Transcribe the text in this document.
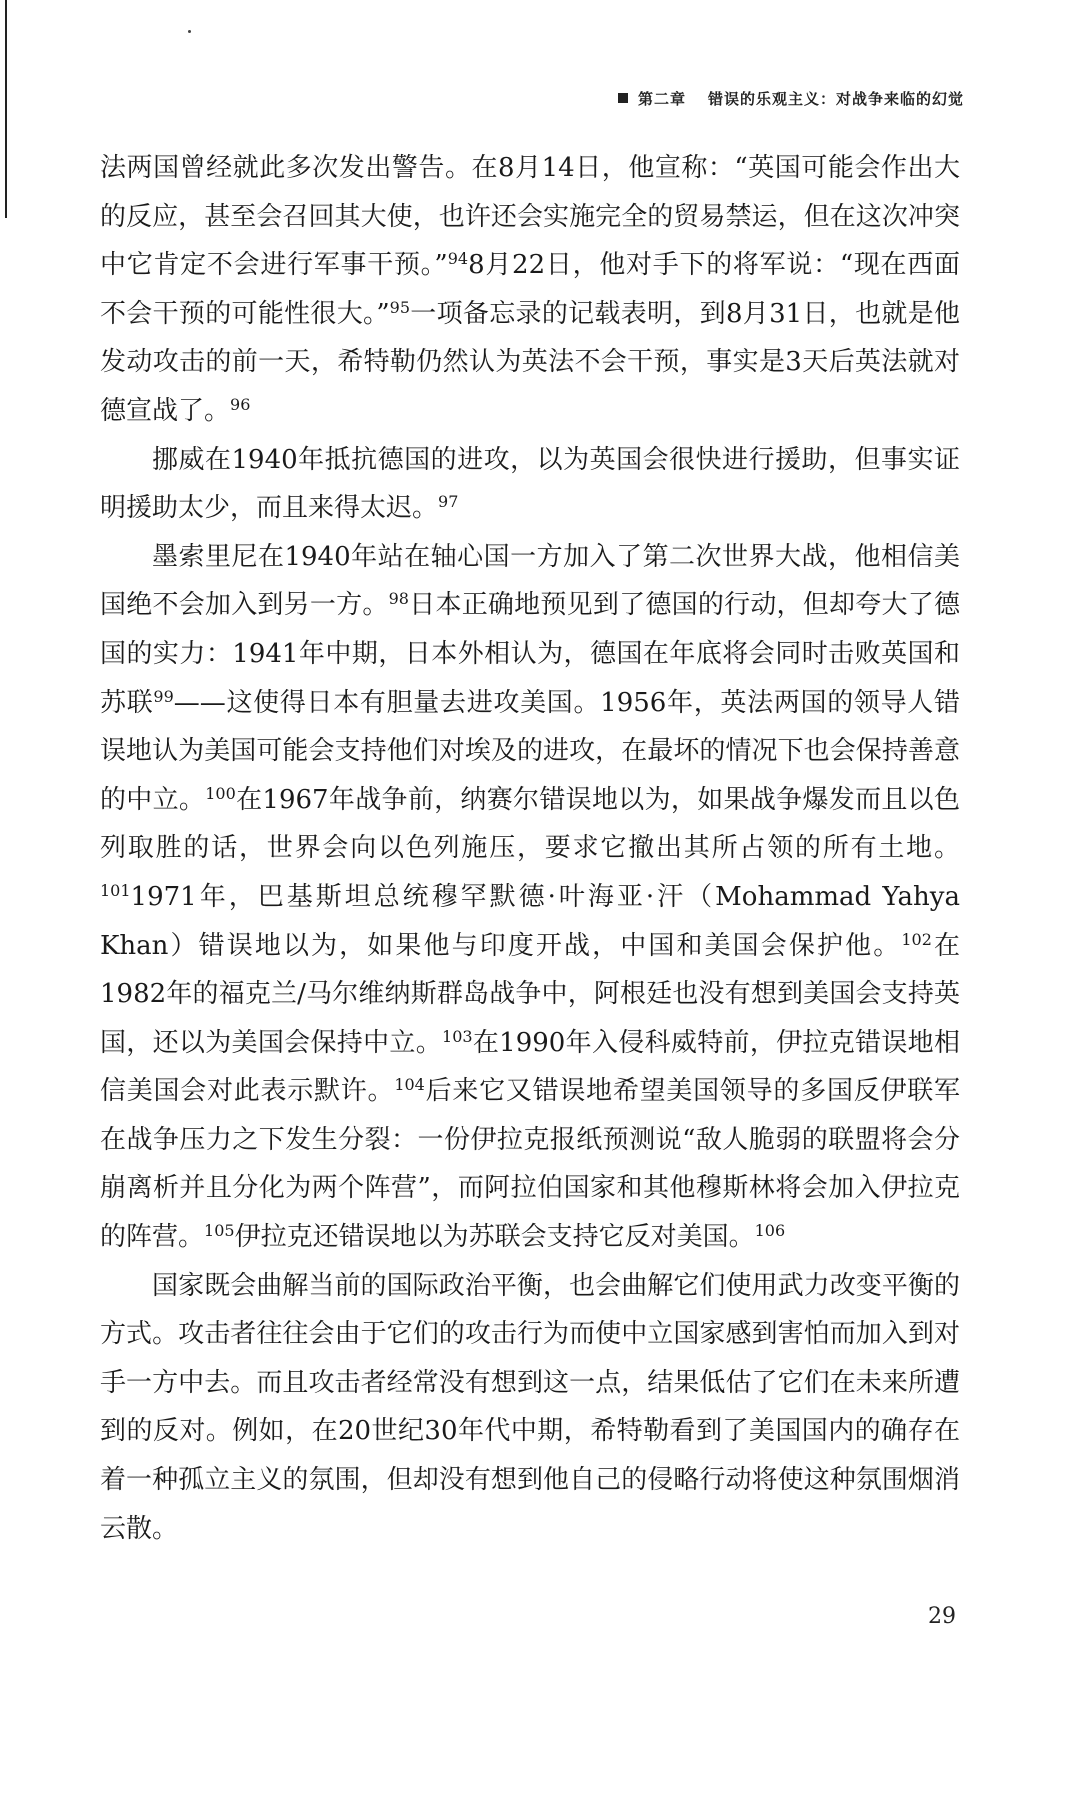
第二章 错误的乐观主义：对战争来临的幻觉

法两国曾经就此多次发出警告。在8月14日，他宣称：“英国可能会作出大的反应，甚至会召回其大使，也许还会实施完全的贸易禁运，但在这次冲突中它肯定不会进行军事干预。”$^{94}$8月22日，他对手下的将军说：“现在西面不会干预的可能性很大。”$^{95}$一项备忘录的记载表明，到8月31日，也就是他发动攻击的前一天，希特勒仍然认为英法不会干预，事实是3天后英法就对德宣战了。$^{96}$

挪威在1940年抵抗德国的进攻，以为英国会很快进行援助，但事实证明援助太少，而且来得太迟。$^{97}$

墨索里尼在1940年站在轴心国一方加入了第二次世界大战，他相信美国绝不会加入到另一方。$^{98}$日本正确地预见到了德国的行动，但却夸大了德国的实力：1941年中期，日本外相认为，德国在年底将会同时击败英国和苏联$^{99}$——这使得日本有胆量去进攻美国。1956年，英法两国的领导人错误地认为美国可能会支持他们对埃及的进攻，在最坏的情况下也会保持善意的中立。$^{100}$在1967年战争前，纳赛尔错误地以为，如果战争爆发而且以色列取胜的话，世界会向以色列施压，要求它撤出其所占领的所有土地。$^{101}$1971年，巴基斯坦总统穆罕默德·叶海亚·汗（Mohammad Yahya Khan）错误地以为，如果他与印度开战，中国和美国会保护他。$^{102}$在1982年的福克兰/马尔维纳斯群岛战争中，阿根廷也没有想到美国会支持英国，还以为美国会保持中立。$^{103}$在1990年入侵科威特前，伊拉克错误地相信美国会对此表示默许。$^{104}$后来它又错误地希望美国领导的多国反伊联军在战争压力之下发生分裂：一份伊拉克报纸预测说“敌人脆弱的联盟将会分崩离析并且分化为两个阵营”，而阿拉伯国家和其他穆斯林将会加入伊拉克的阵营。$^{105}$伊拉克还错误地以为苏联会支持它反对美国。$^{106}$

国家既会曲解当前的国际政治平衡，也会曲解它们使用武力改变平衡的方式。攻击者往往会由于它们的攻击行为而使中立国家感到害怕而加入到对手一方中去。而且攻击者经常没有想到这一点，结果低估了它们在未来所遭到的反对。例如，在20世纪30年代中期，希特勒看到了美国国内的确存在着一种孤立主义的氛围，但却没有想到他自己的侵略行动将使这种氛围烟消云散。

29
